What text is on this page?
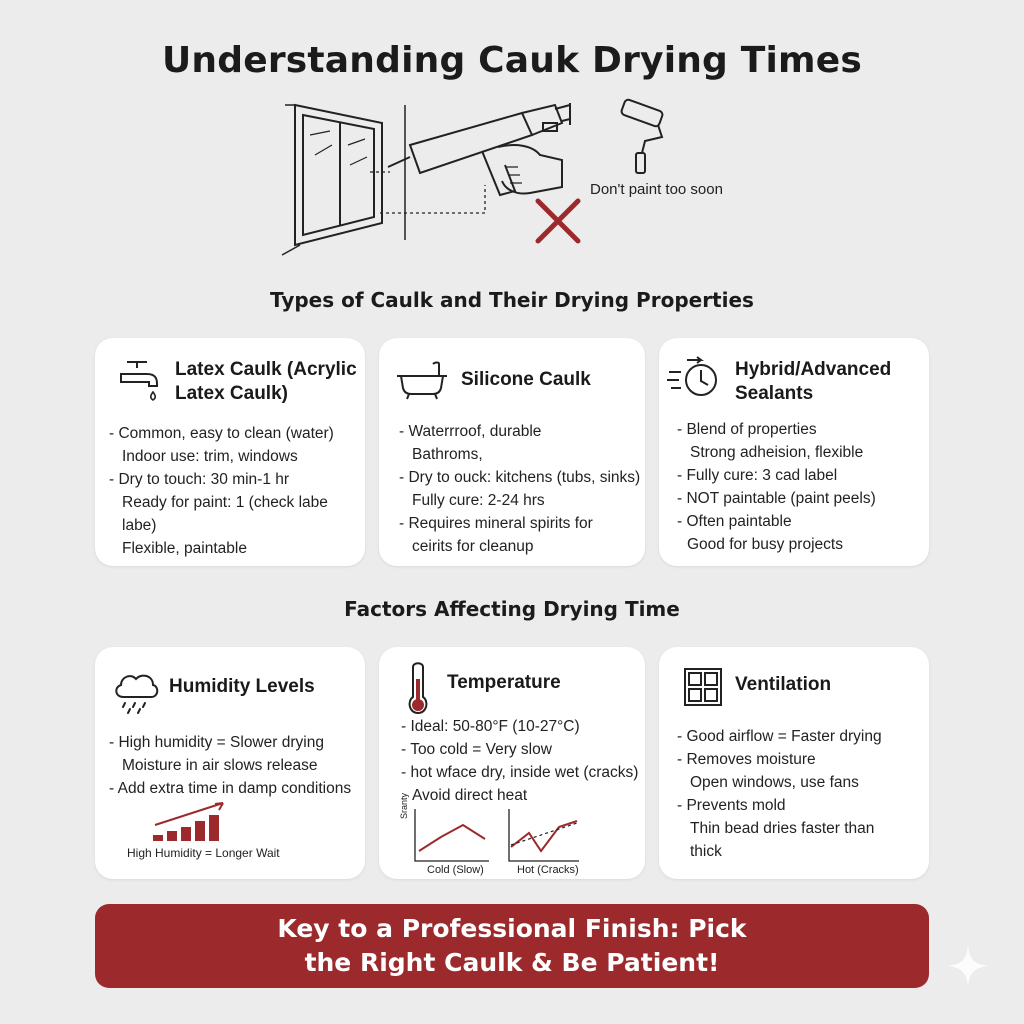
Understanding Cauk Drying Times
Don't paint too soon
Types of Caulk and Their Drying Properties
Latex Caulk (Acrylic
Latex Caulk)
- Common, easy to clean (water)
Indoor use: trim, windows
- Dry to touch: 30 min-1 hr
Ready for paint: 1 (check labe
labe)
Flexible, paintable
Silicone Caulk
- Waterrroof, durable
Bathroms,
- Dry to ouck: kitchens (tubs, sinks)
Fully cure: 2-24 hrs
- Requires mineral spirits for
ceirits for cleanup
Hybrid/Advanced
Sealants
- Blend of properties
Strong adheision, flexible
- Fully cure: 3 cad label
- NOT paintable (paint peels)
- Often paintable
Good for busy projects
Factors Affecting Drying Time
Humidity Levels
- High humidity = Slower drying
Moisture in air slows release
- Add extra time in damp conditions
High Humidity = Longer Wait
Temperature
- Ideal: 50-80°F (10-27°C)
- Too cold = Very slow
- hot wface dry, inside wet (cracks)
Avoid direct heat
Sranty
Cold (Slow)	Hot (Cracks)
Ventilation
- Good airflow = Faster drying
- Removes moisture
Open windows, use fans
- Prevents mold
Thin bead dries faster than
thick
Key to a Professional Finish: Pick
the Right Caulk & Be Patient!
